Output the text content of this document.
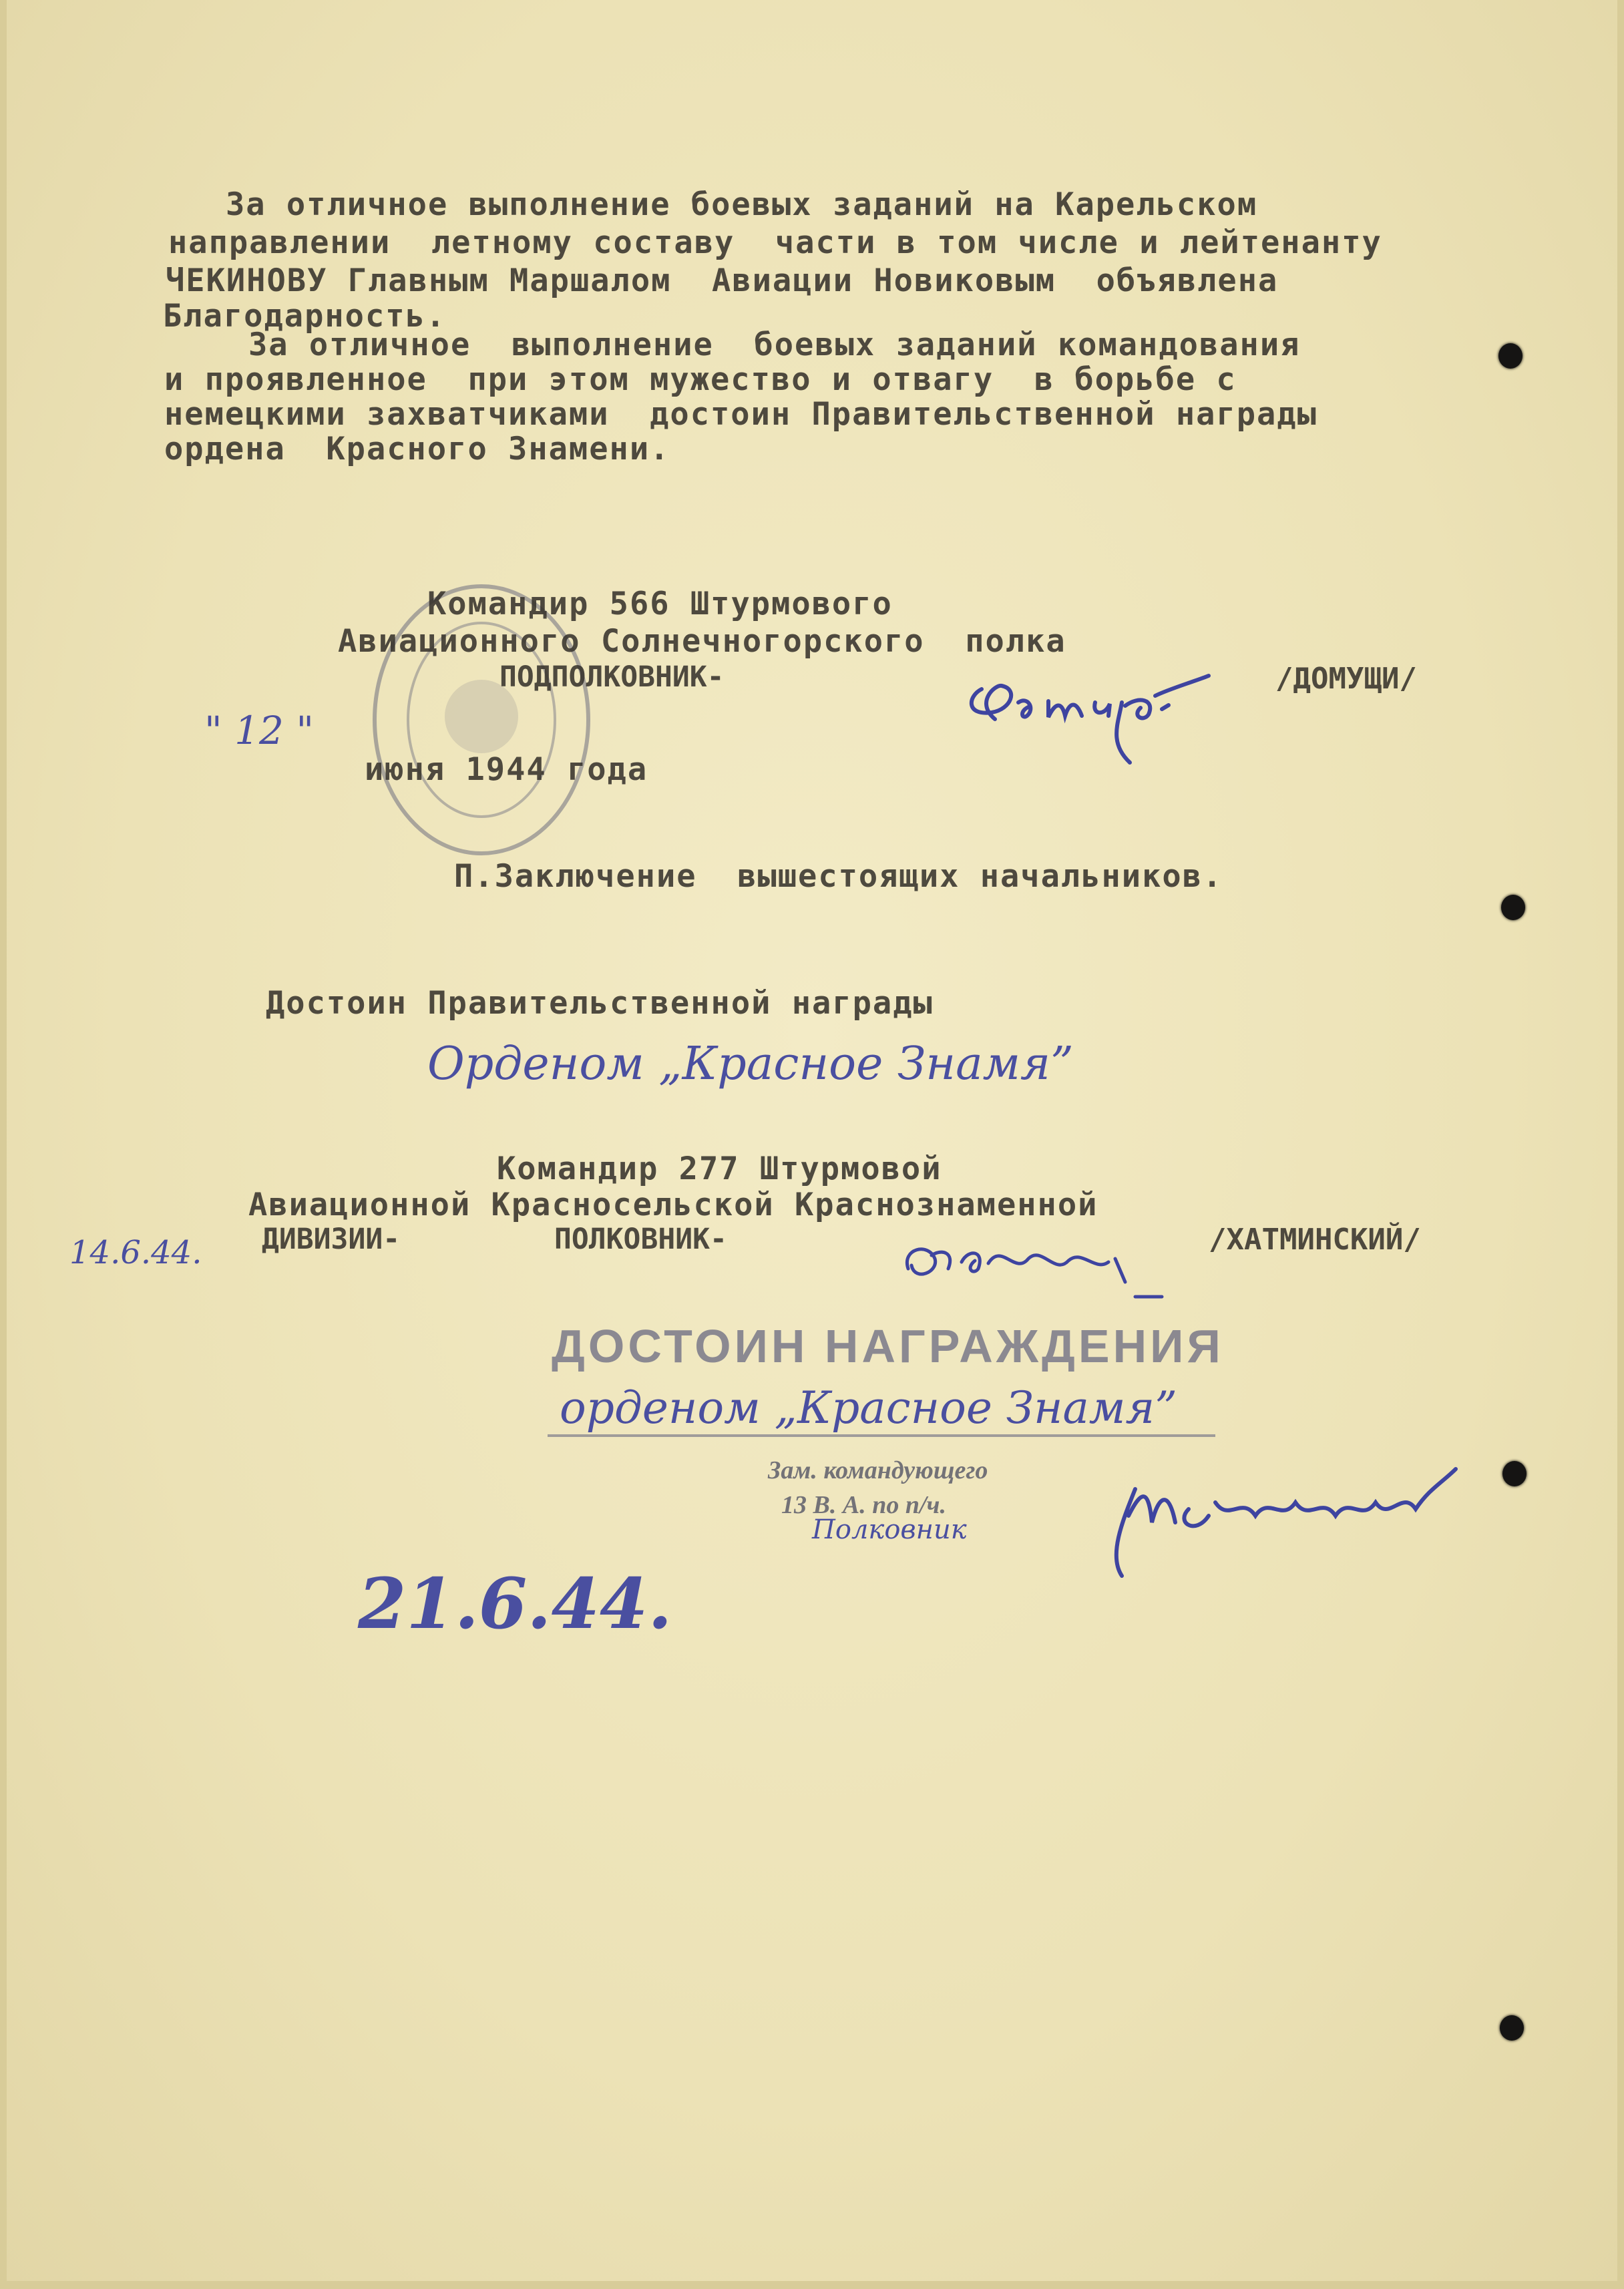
За отличное выполнение боевых заданий на Карельском
направлении  летному составу  части в том числе и лейтенанту
ЧЕКИНОВУ Главным Маршалом  Авиации Новиковым  объявлена
Благодарность.
За отличное  выполнение  боевых заданий командования
и проявленное  при этом мужество и отвагу  в борьбе с
немецкими захватчиками  достоин Правительственной награды
ордена  Красного Знамени.
Командир 566 Штурмового
Авиационного Солнечногорского  полка
ПОДПОЛКОВНИК-	/ДОМУЩИ/
" 12 "
июня 1944 года
П.Заключение  вышестоящих начальников.
Достоин Правительственной награды
Орденом „Красное Знамя”
Командир 277 Штурмовой
Авиационной Красносельской Краснознаменной
ДИВИЗИИ-	ПОЛКОВНИК-
14.6.44.	/ХАТМИНСКИЙ/
ДОСТОИН НАГРАЖДЕНИЯ
орденом „Красное Знамя”
Зам. командующего
13 В. А. по п/ч.
Полковник
21.6.44.
